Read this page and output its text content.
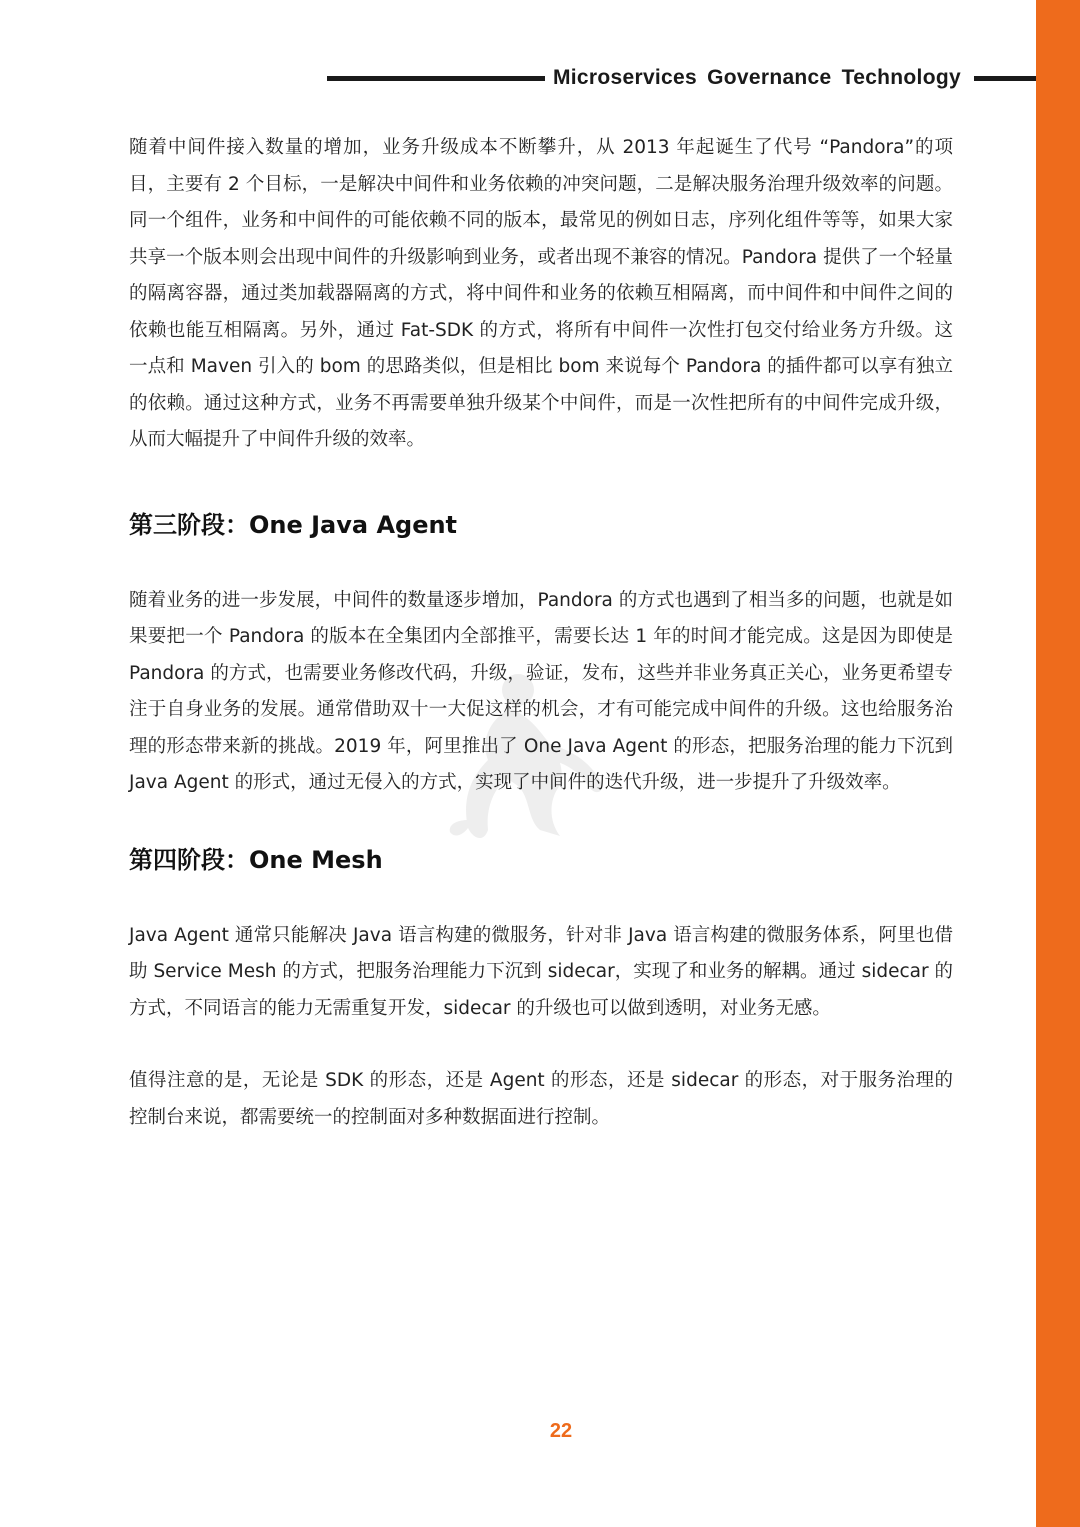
Microservices Governance Technology

随着中间件接入数量的增加，业务升级成本不断攀升，从 2013 年起诞生了代号 “Pandora”的项目，主要有 2 个目标，一是解决中间件和业务依赖的冲突问题，二是解决服务治理升级效率的问题。同一个组件，业务和中间件的可能依赖不同的版本，最常见的例如日志，序列化组件等等，如果大家共享一个版本则会出现中间件的升级影响到业务，或者出现不兼容的情况。Pandora 提供了一个轻量的隔离容器，通过类加载器隔离的方式，将中间件和业务的依赖互相隔离，而中间件和中间件之间的依赖也能互相隔离。另外，通过 Fat-SDK 的方式，将所有中间件一次性打包交付给业务方升级。这一点和 Maven 引入的 bom 的思路类似，但是相比 bom 来说每个 Pandora 的插件都可以享有独立的依赖。通过这种方式，业务不再需要单独升级某个中间件，而是一次性把所有的中间件完成升级，从而大幅提升了中间件升级的效率。

第三阶段：One Java Agent

随着业务的进一步发展，中间件的数量逐步增加，Pandora 的方式也遇到了相当多的问题，也就是如果要把一个 Pandora 的版本在全集团内全部推平，需要长达 1 年的时间才能完成。这是因为即使是 Pandora 的方式，也需要业务修改代码，升级，验证，发布，这些并非业务真正关心，业务更希望专注于自身业务的发展。通常借助双十一大促这样的机会，才有可能完成中间件的升级。这也给服务治理的形态带来新的挑战。2019 年，阿里推出了 One Java Agent 的形态，把服务治理的能力下沉到 Java Agent 的形式，通过无侵入的方式，实现了中间件的迭代升级，进一步提升了升级效率。

第四阶段：One Mesh

Java Agent 通常只能解决 Java 语言构建的微服务，针对非 Java 语言构建的微服务体系，阿里也借助 Service Mesh 的方式，把服务治理能力下沉到 sidecar，实现了和业务的解耦。通过 sidecar 的方式，不同语言的能力无需重复开发，sidecar 的升级也可以做到透明，对业务无感。

值得注意的是，无论是 SDK 的形态，还是 Agent 的形态，还是 sidecar 的形态，对于服务治理的控制台来说，都需要统一的控制面对多种数据面进行控制。

22
